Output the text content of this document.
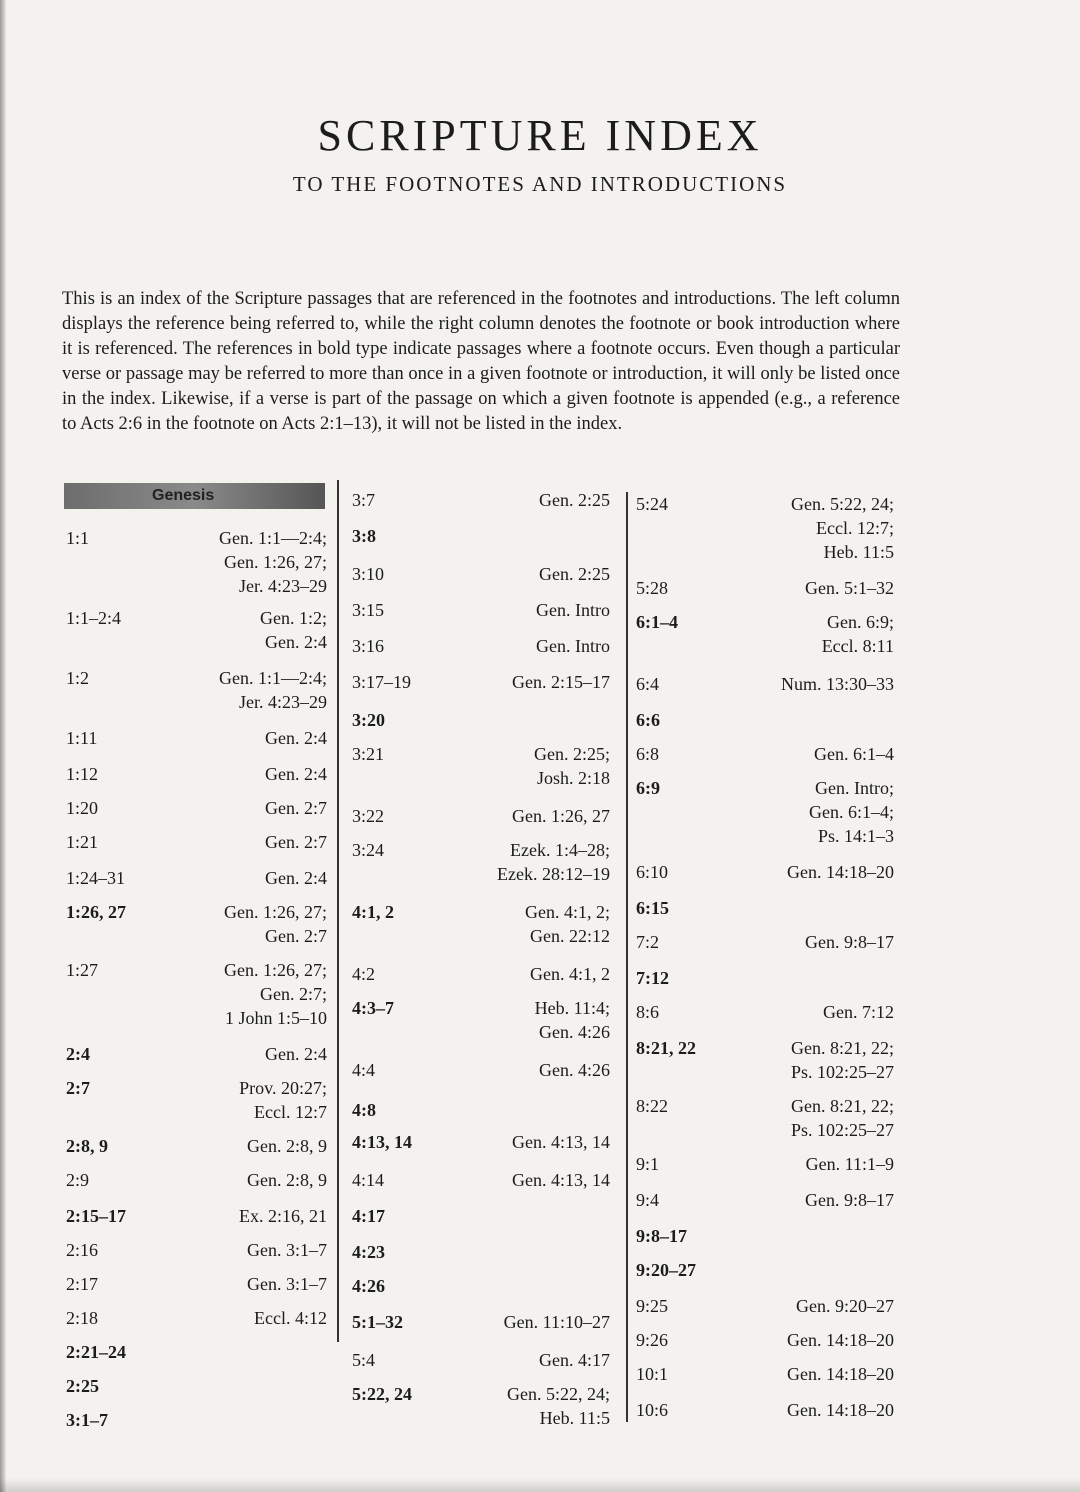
SCRIPTURE INDEX
TO THE FOOTNOTES AND INTRODUCTIONS

This is an index of the Scripture passages that are referenced in the footnotes and introductions. The left column displays the reference being referred to, while the right column denotes the footnote or book introduction where it is referenced. The references in bold type indicate passages where a footnote occurs. Even though a particular verse or passage may be referred to more than once in a given footnote or introduction, it will only be listed once in the index. Likewise, if a verse is part of the passage on which a given footnote is appended (e.g., a reference to Acts 2:6 in the footnote on Acts 2:1–13), it will not be listed in the index.

Genesis
1:1	Gen. 1:1—2:4;
Gen. 1:26, 27;
Jer. 4:23–29
1:1–2:4	Gen. 1:2;
Gen. 2:4
1:2	Gen. 1:1—2:4;
Jer. 4:23–29
1:11	Gen. 2:4
1:12	Gen. 2:4
1:20	Gen. 2:7
1:21	Gen. 2:7
1:24–31	Gen. 2:4
1:26, 27	Gen. 1:26, 27;
Gen. 2:7
1:27	Gen. 1:26, 27;
Gen. 2:7;
1 John 1:5–10
2:4	Gen. 2:4
2:7	Prov. 20:27;
Eccl. 12:7
2:8, 9	Gen. 2:8, 9
2:9	Gen. 2:8, 9
2:15–17	Ex. 2:16, 21
2:16	Gen. 3:1–7
2:17	Gen. 3:1–7
2:18	Eccl. 4:12
2:21–24
2:25
3:1–7
3:7	Gen. 2:25
3:8
3:10	Gen. 2:25
3:15	Gen. Intro
3:16	Gen. Intro
3:17–19	Gen. 2:15–17
3:20
3:21	Gen. 2:25;
Josh. 2:18
3:22	Gen. 1:26, 27
3:24	Ezek. 1:4–28;
Ezek. 28:12–19
4:1, 2	Gen. 4:1, 2;
Gen. 22:12
4:2	Gen. 4:1, 2
4:3–7	Heb. 11:4;
Gen. 4:26
4:4	Gen. 4:26
4:8
4:13, 14	Gen. 4:13, 14
4:14	Gen. 4:13, 14
4:17
4:23
4:26
5:1–32	Gen. 11:10–27
5:4	Gen. 4:17
5:22, 24	Gen. 5:22, 24;
Heb. 11:5
5:24	Gen. 5:22, 24;
Eccl. 12:7;
Heb. 11:5
5:28	Gen. 5:1–32
6:1–4	Gen. 6:9;
Eccl. 8:11
6:4	Num. 13:30–33
6:6
6:8	Gen. 6:1–4
6:9	Gen. Intro;
Gen. 6:1–4;
Ps. 14:1–3
6:10	Gen. 14:18–20
6:15
7:2	Gen. 9:8–17
7:12
8:6	Gen. 7:12
8:21, 22	Gen. 8:21, 22;
Ps. 102:25–27
8:22	Gen. 8:21, 22;
Ps. 102:25–27
9:1	Gen. 11:1–9
9:4	Gen. 9:8–17
9:8–17
9:20–27
9:25	Gen. 9:20–27
9:26	Gen. 14:18–20
10:1	Gen. 14:18–20
10:6	Gen. 14:18–20
